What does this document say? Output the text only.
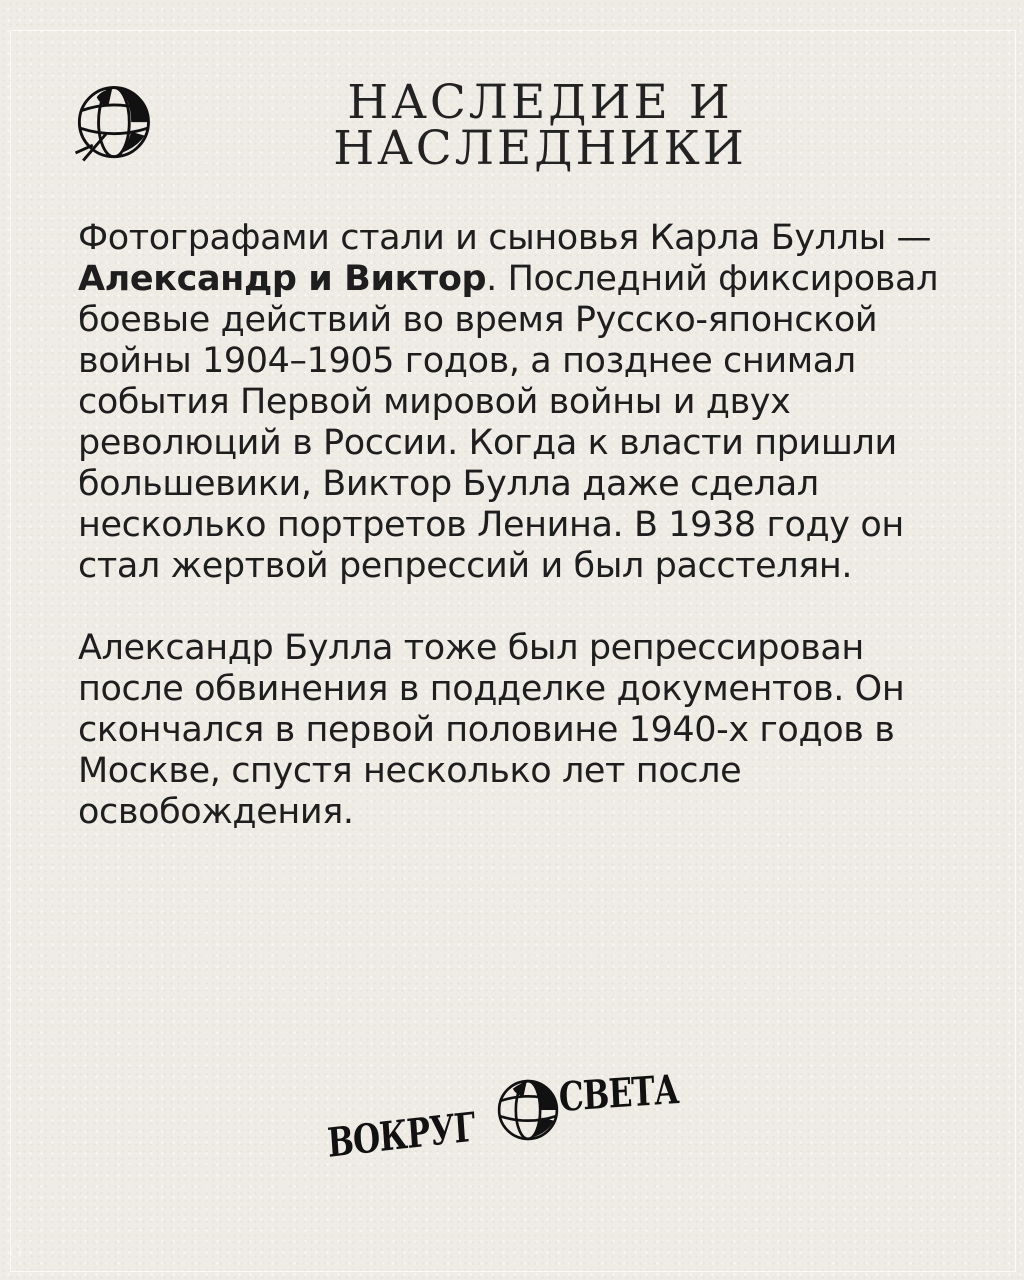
НАСЛЕДИЕ И
НАСЛЕДНИКИ

Фотографами стали и сыновья Карла Буллы — Александр и Виктор. Последний фиксировал боевые действий во время Русско-японской войны 1904–1905 годов, а позднее снимал события Первой мировой войны и двух революций в России. Когда к власти пришли большевики, Виктор Булла даже сделал несколько портретов Ленина. В 1938 году он стал жертвой репрессий и был расстелян.

Александр Булла тоже был репрессирован после обвинения в подделке документов. Он скончался в первой половине 1940-х годов в Москве, спустя несколько лет после освобождения.

ВОКРУГ
СВЕТА
